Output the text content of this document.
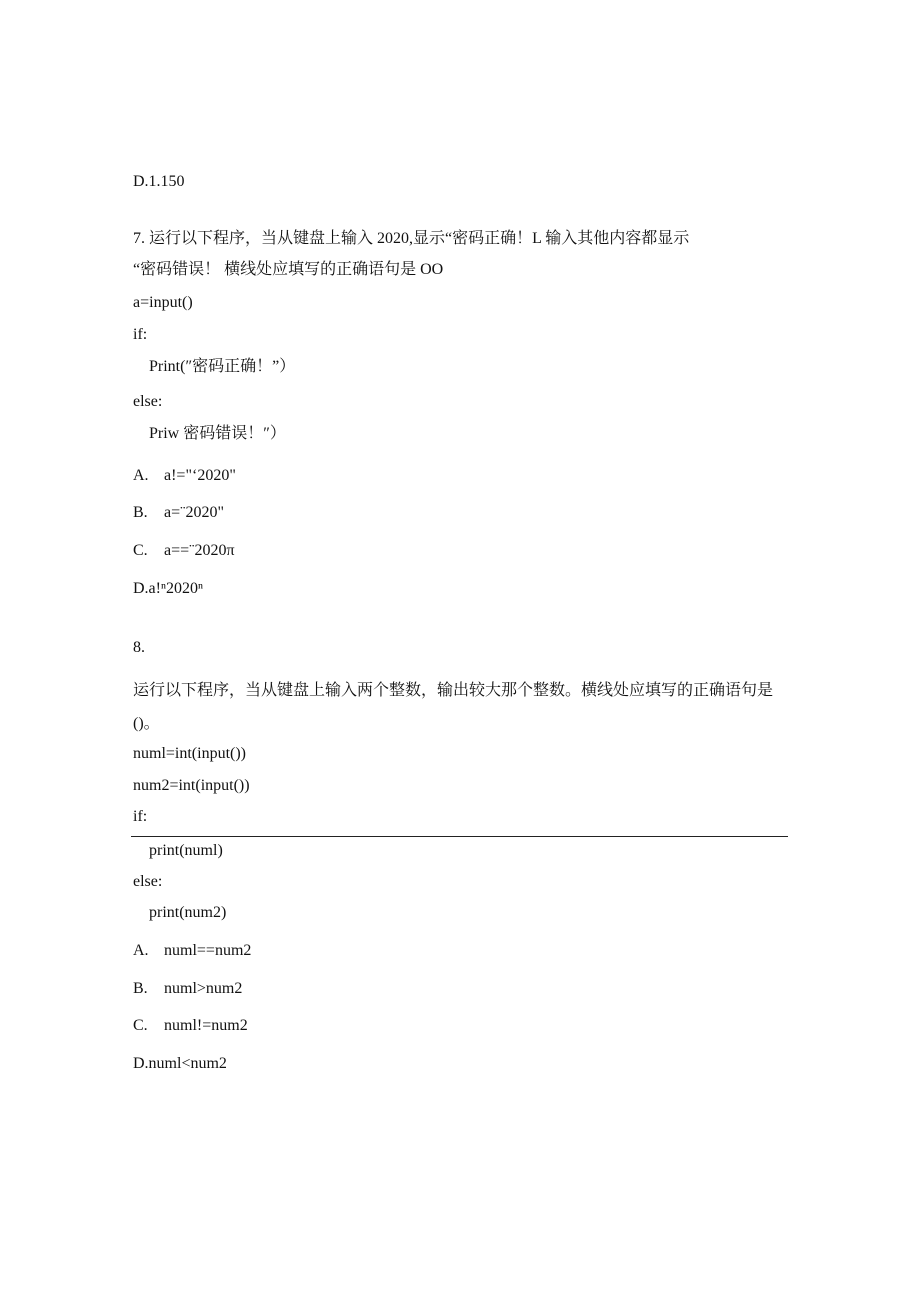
D.1.150
7. 运行以下程序，当从键盘上输入 2020,显示“密码正确！L 输入其他内容都显示
“密码错误！ 横线处应填写的正确语句是 OO
a=input()
if:
Print(″密码正确！”）
else:
Priw 密码错误！″）
A. a!="ʻ2020"
B. a=¨2020"
C. a==¨2020π
D.a!ⁿ2020ⁿ
8.
运行以下程序，当从键盘上输入两个整数，输出较大那个整数。横线处应填写的正确语句是()。
numl=int(input())
num2=int(input())
if:
print(numl)
else:
print(num2)
A. numl==num2
B. numl>num2
C. numl!=num2
D.numl<num2
